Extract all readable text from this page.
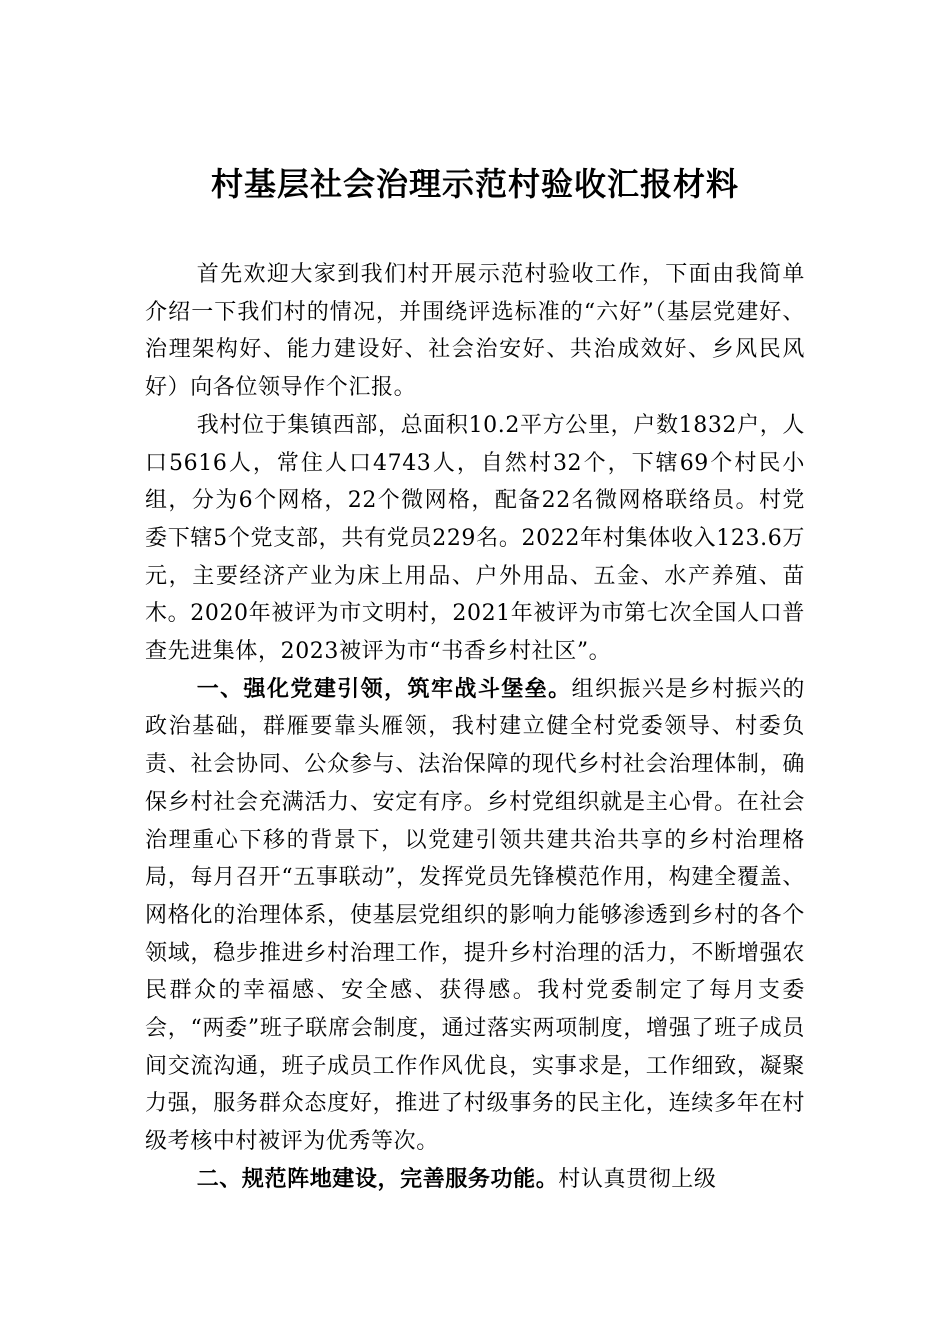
村基层社会治理示范村验收汇报材料

首先欢迎大家到我们村开展示范村验收工作，下面由我简单介绍一下我们村的情况，并围绕评选标准的“六好”（基层党建好、治理架构好、能力建设好、社会治安好、共治成效好、乡风民风好）向各位领导作个汇报。

我村位于集镇西部，总面积10.2平方公里，户数1832户，人口5616人，常住人口4743人，自然村32个，下辖69个村民小组，分为6个网格，22个微网格，配备22名微网格联络员。村党委下辖5个党支部，共有党员229名。2022年村集体收入123.6万元，主要经济产业为床上用品、户外用品、五金、水产养殖、苗木。2020年被评为市文明村，2021年被评为市第七次全国人口普查先进集体，2023被评为市“书香乡村社区”。

一、强化党建引领，筑牢战斗堡垒。组织振兴是乡村振兴的政治基础，群雁要靠头雁领，我村建立健全村党委领导、村委负责、社会协同、公众参与、法治保障的现代乡村社会治理体制，确保乡村社会充满活力、安定有序。乡村党组织就是主心骨。在社会治理重心下移的背景下，以党建引领共建共治共享的乡村治理格局，每月召开“五事联动”，发挥党员先锋模范作用，构建全覆盖、网格化的治理体系，使基层党组织的影响力能够渗透到乡村的各个领域，稳步推进乡村治理工作，提升乡村治理的活力，不断增强农民群众的幸福感、安全感、获得感。我村党委制定了每月支委会，“两委”班子联席会制度，通过落实两项制度，增强了班子成员间交流沟通，班子成员工作作风优良，实事求是，工作细致，凝聚力强，服务群众态度好，推进了村级事务的民主化，连续多年在村级考核中村被评为优秀等次。

二、规范阵地建设，完善服务功能。村认真贯彻上级
